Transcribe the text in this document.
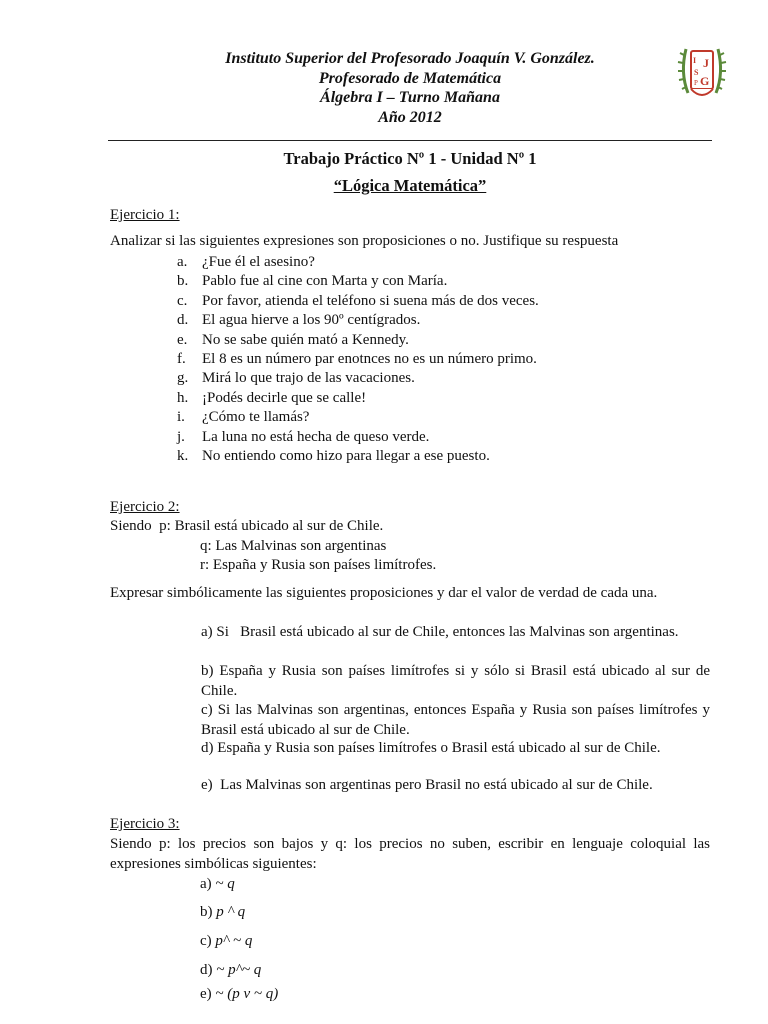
Instituto Superior del Profesorado Joaquín V. González.
Profesorado de Matemática
Álgebra I – Turno Mañana
Año 2012
I J
S
G
P
Trabajo Práctico Nº 1 - Unidad Nº 1
“Lógica Matemática”
Ejercicio 1:
Analizar si las siguientes expresiones son proposiciones o no. Justifique su respuesta
a. ¿Fue él el asesino?
b. Pablo fue al cine con Marta y con María.
c. Por favor, atienda el teléfono si suena más de dos veces.
d. El agua hierve a los 90º centígrados.
e. No se sabe quién mató a Kennedy.
f.	El 8 es un número par enotnces no es un número primo.
g. Mirá lo que trajo de las vacaciones.
h. ¡Podés decirle que se calle!
i.	¿Cómo te llamás?
j.	La luna no está hecha de queso verde.
k. No entiendo como hizo para llegar a ese puesto.
Ejercicio 2:
Siendo  p: Brasil está ubicado al sur de Chile.
q: Las Malvinas son argentinas
r: España y Rusia son países limítrofes.
Expresar simbólicamente las siguientes proposiciones y dar el valor de verdad de cada una.
a) Si   Brasil está ubicado al sur de Chile, entonces las Malvinas son argentinas.
b) España y Rusia son países limítrofes si y sólo si Brasil está ubicado al sur de Chile.
c) Si las Malvinas son argentinas, entonces España y Rusia son países limítrofes y Brasil está ubicado al sur de Chile.
d) España y Rusia son países limítrofes o Brasil está ubicado al sur de Chile.
e)  Las Malvinas son argentinas pero Brasil no está ubicado al sur de Chile.
Ejercicio 3:
Siendo p: los precios son bajos y q: los precios no suben, escribir en lenguaje coloquial las expresiones simbólicas siguientes:
a) ~ q
b) p ^ q
c) p^ ~ q
d) ~ p^~ q
e) ~ (p v ~ q)
